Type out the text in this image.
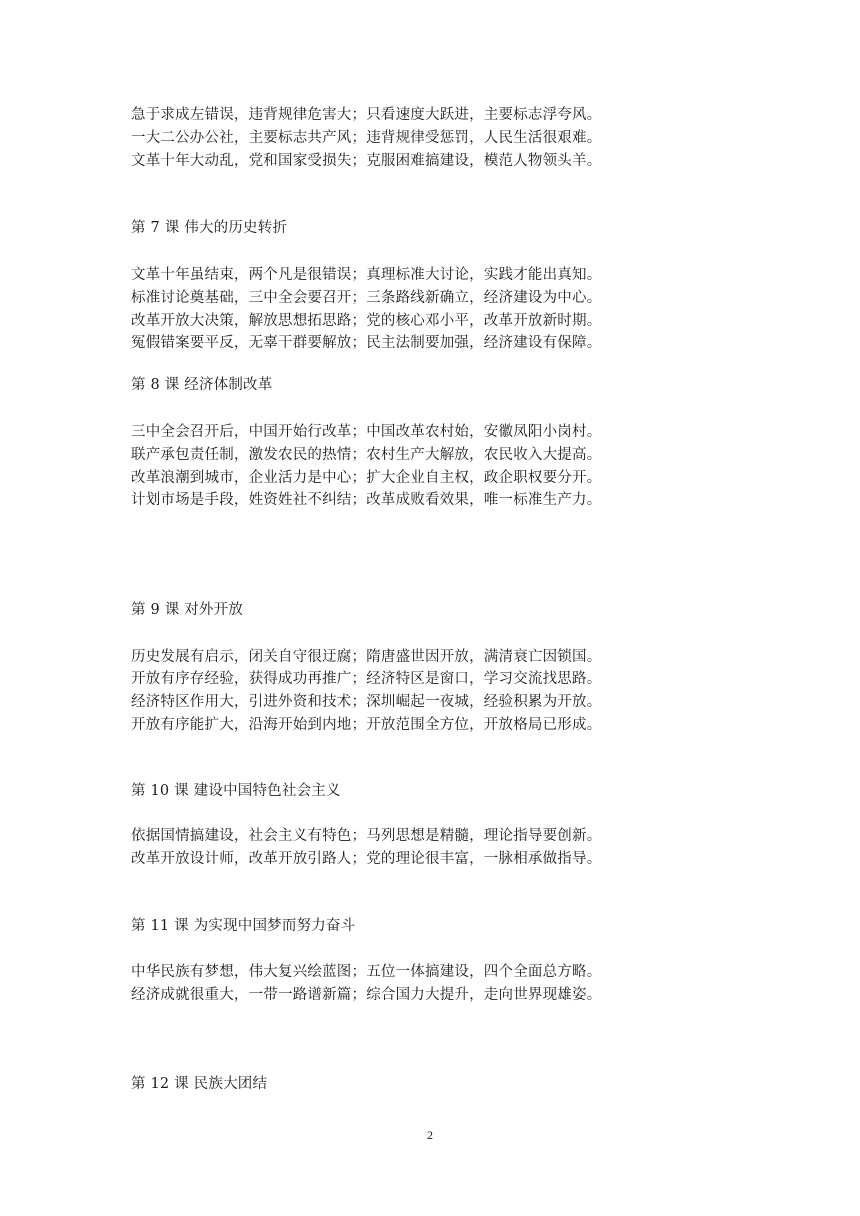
急于求成左错误，违背规律危害大；只看速度大跃进，主要标志浮夸风。
一大二公办公社，主要标志共产风；违背规律受惩罚，人民生活很艰难。
文革十年大动乱，党和国家受损失；克服困难搞建设，模范人物领头羊。
第 7 课 伟大的历史转折
文革十年虽结束，两个凡是很错误；真理标准大讨论，实践才能出真知。
标准讨论奠基础，三中全会要召开；三条路线新确立，经济建设为中心。
改革开放大决策，解放思想拓思路；党的核心邓小平，改革开放新时期。
冤假错案要平反，无辜干群要解放；民主法制要加强，经济建设有保障。
第 8 课 经济体制改革
三中全会召开后，中国开始行改革；中国改革农村始，安徽凤阳小岗村。
联产承包责任制，激发农民的热情；农村生产大解放，农民收入大提高。
改革浪潮到城市，企业活力是中心；扩大企业自主权，政企职权要分开。
计划市场是手段，姓资姓社不纠结；改革成败看效果，唯一标准生产力。
第 9 课 对外开放
历史发展有启示，闭关自守很迂腐；隋唐盛世因开放，满清衰亡因锁国。
开放有序存经验，获得成功再推广；经济特区是窗口，学习交流找思路。
经济特区作用大，引进外资和技术；深圳崛起一夜城，经验积累为开放。
开放有序能扩大，沿海开始到内地；开放范围全方位，开放格局已形成。
第 10 课 建设中国特色社会主义
依据国情搞建设，社会主义有特色；马列思想是精髓，理论指导要创新。
改革开放设计师，改革开放引路人；党的理论很丰富，一脉相承做指导。
第 11 课 为实现中国梦而努力奋斗
中华民族有梦想，伟大复兴绘蓝图；五位一体搞建设，四个全面总方略。
经济成就很重大，一带一路谱新篇；综合国力大提升，走向世界现雄姿。
第 12 课 民族大团结
2
